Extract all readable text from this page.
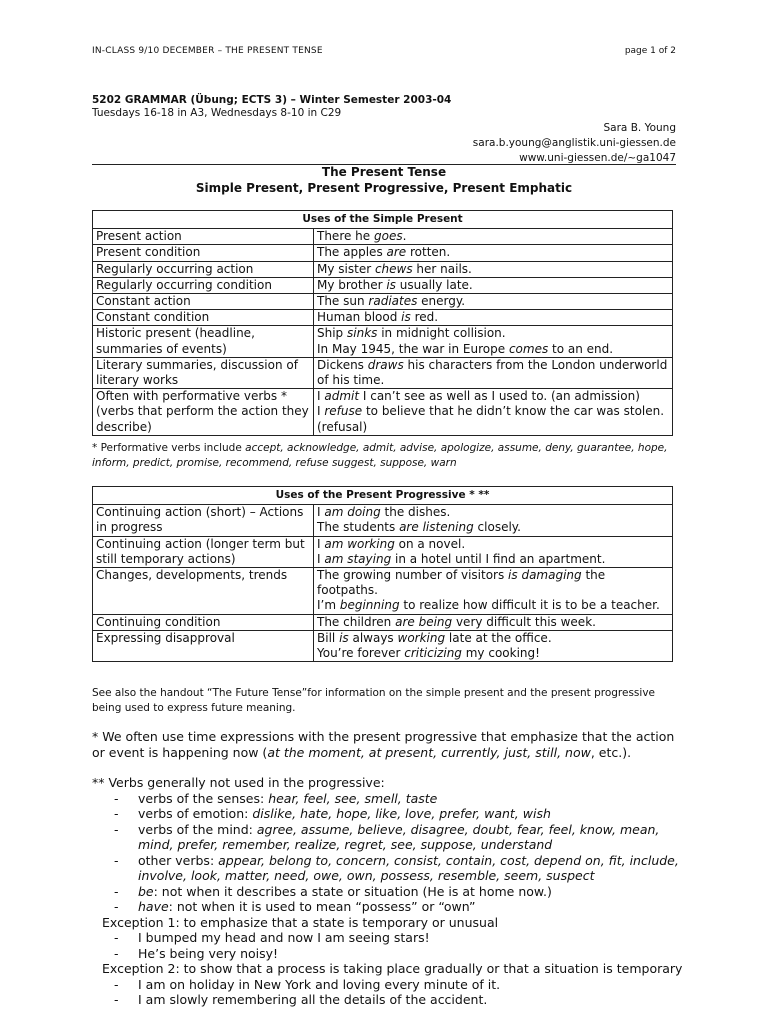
IN-CLASS 9/10 DECEMBER – THE PRESENT TENSE	page 1 of 2
5202 GRAMMAR (Übung; ECTS 3) – Winter Semester 2003-04
Tuesdays 16-18 in A3, Wednesdays 8-10 in C29
Sara B. Young
sara.b.young@anglistik.uni-giessen.de
www.uni-giessen.de/~ga1047
The Present Tense
Simple Present, Present Progressive, Present Emphatic
Uses of the Simple Present	
Present action	There he goes.
Present condition	The apples are rotten.
Regularly occurring action	My sister chews her nails.
Regularly occurring condition	My brother is usually late.
Constant action	The sun radiates energy.
Constant condition	Human blood is red.
Historic present (headline, summaries of events)	Ship sinks in midnight collision.
In May 1945, the war in Europe comes to an end.
Literary summaries, discussion of literary works	Dickens draws his characters from the London underworld of his time.
Often with performative verbs * (verbs that perform the action they describe)	I admit I can’t see as well as I used to. (an admission)
I refuse to believe that he didn’t know the car was stolen. (refusal)
* Performative verbs include accept, acknowledge, admit, advise, apologize, assume, deny, guarantee, hope, inform, predict, promise, recommend, refuse suggest, suppose, warn
Uses of the Present Progressive * **	
Continuing action (short) – Actions in progress	I am doing the dishes.
The students are listening closely.
Continuing action (longer term but still temporary actions)	I am working on a novel.
I am staying in a hotel until I find an apartment.
Changes, developments, trends	The growing number of visitors is damaging the footpaths.
I’m beginning to realize how difficult it is to be a teacher.
Continuing condition	The children are being very difficult this week.
Expressing disapproval	Bill is always working late at the office.
You’re forever criticizing my cooking!
See also the handout “The Future Tense”for information on the simple present and the present progressive being used to express future meaning.
* We often use time expressions with the present progressive that emphasize that the action or event is happening now (at the moment, at present, currently, just, still, now, etc.).
** Verbs generally not used in the progressive:
- verbs of the senses: hear, feel, see, smell, taste
- verbs of emotion: dislike, hate, hope, like, love, prefer, want, wish
- verbs of the mind: agree, assume, believe, disagree, doubt, fear, feel, know, mean, mind, prefer, remember, realize, regret, see, suppose, understand
- other verbs: appear, belong to, concern, consist, contain, cost, depend on, fit, include, involve, look, matter, need, owe, own, possess, resemble, seem, suspect
- be: not when it describes a state or situation (He is at home now.)
- have: not when it is used to mean “possess” or “own”
Exception 1: to emphasize that a state is temporary or unusual
- I bumped my head and now I am seeing stars!
- He’s being very noisy!
Exception 2: to show that a process is taking place gradually or that a situation is temporary
- I am on holiday in New York and loving every minute of it.
- I am slowly remembering all the details of the accident.
